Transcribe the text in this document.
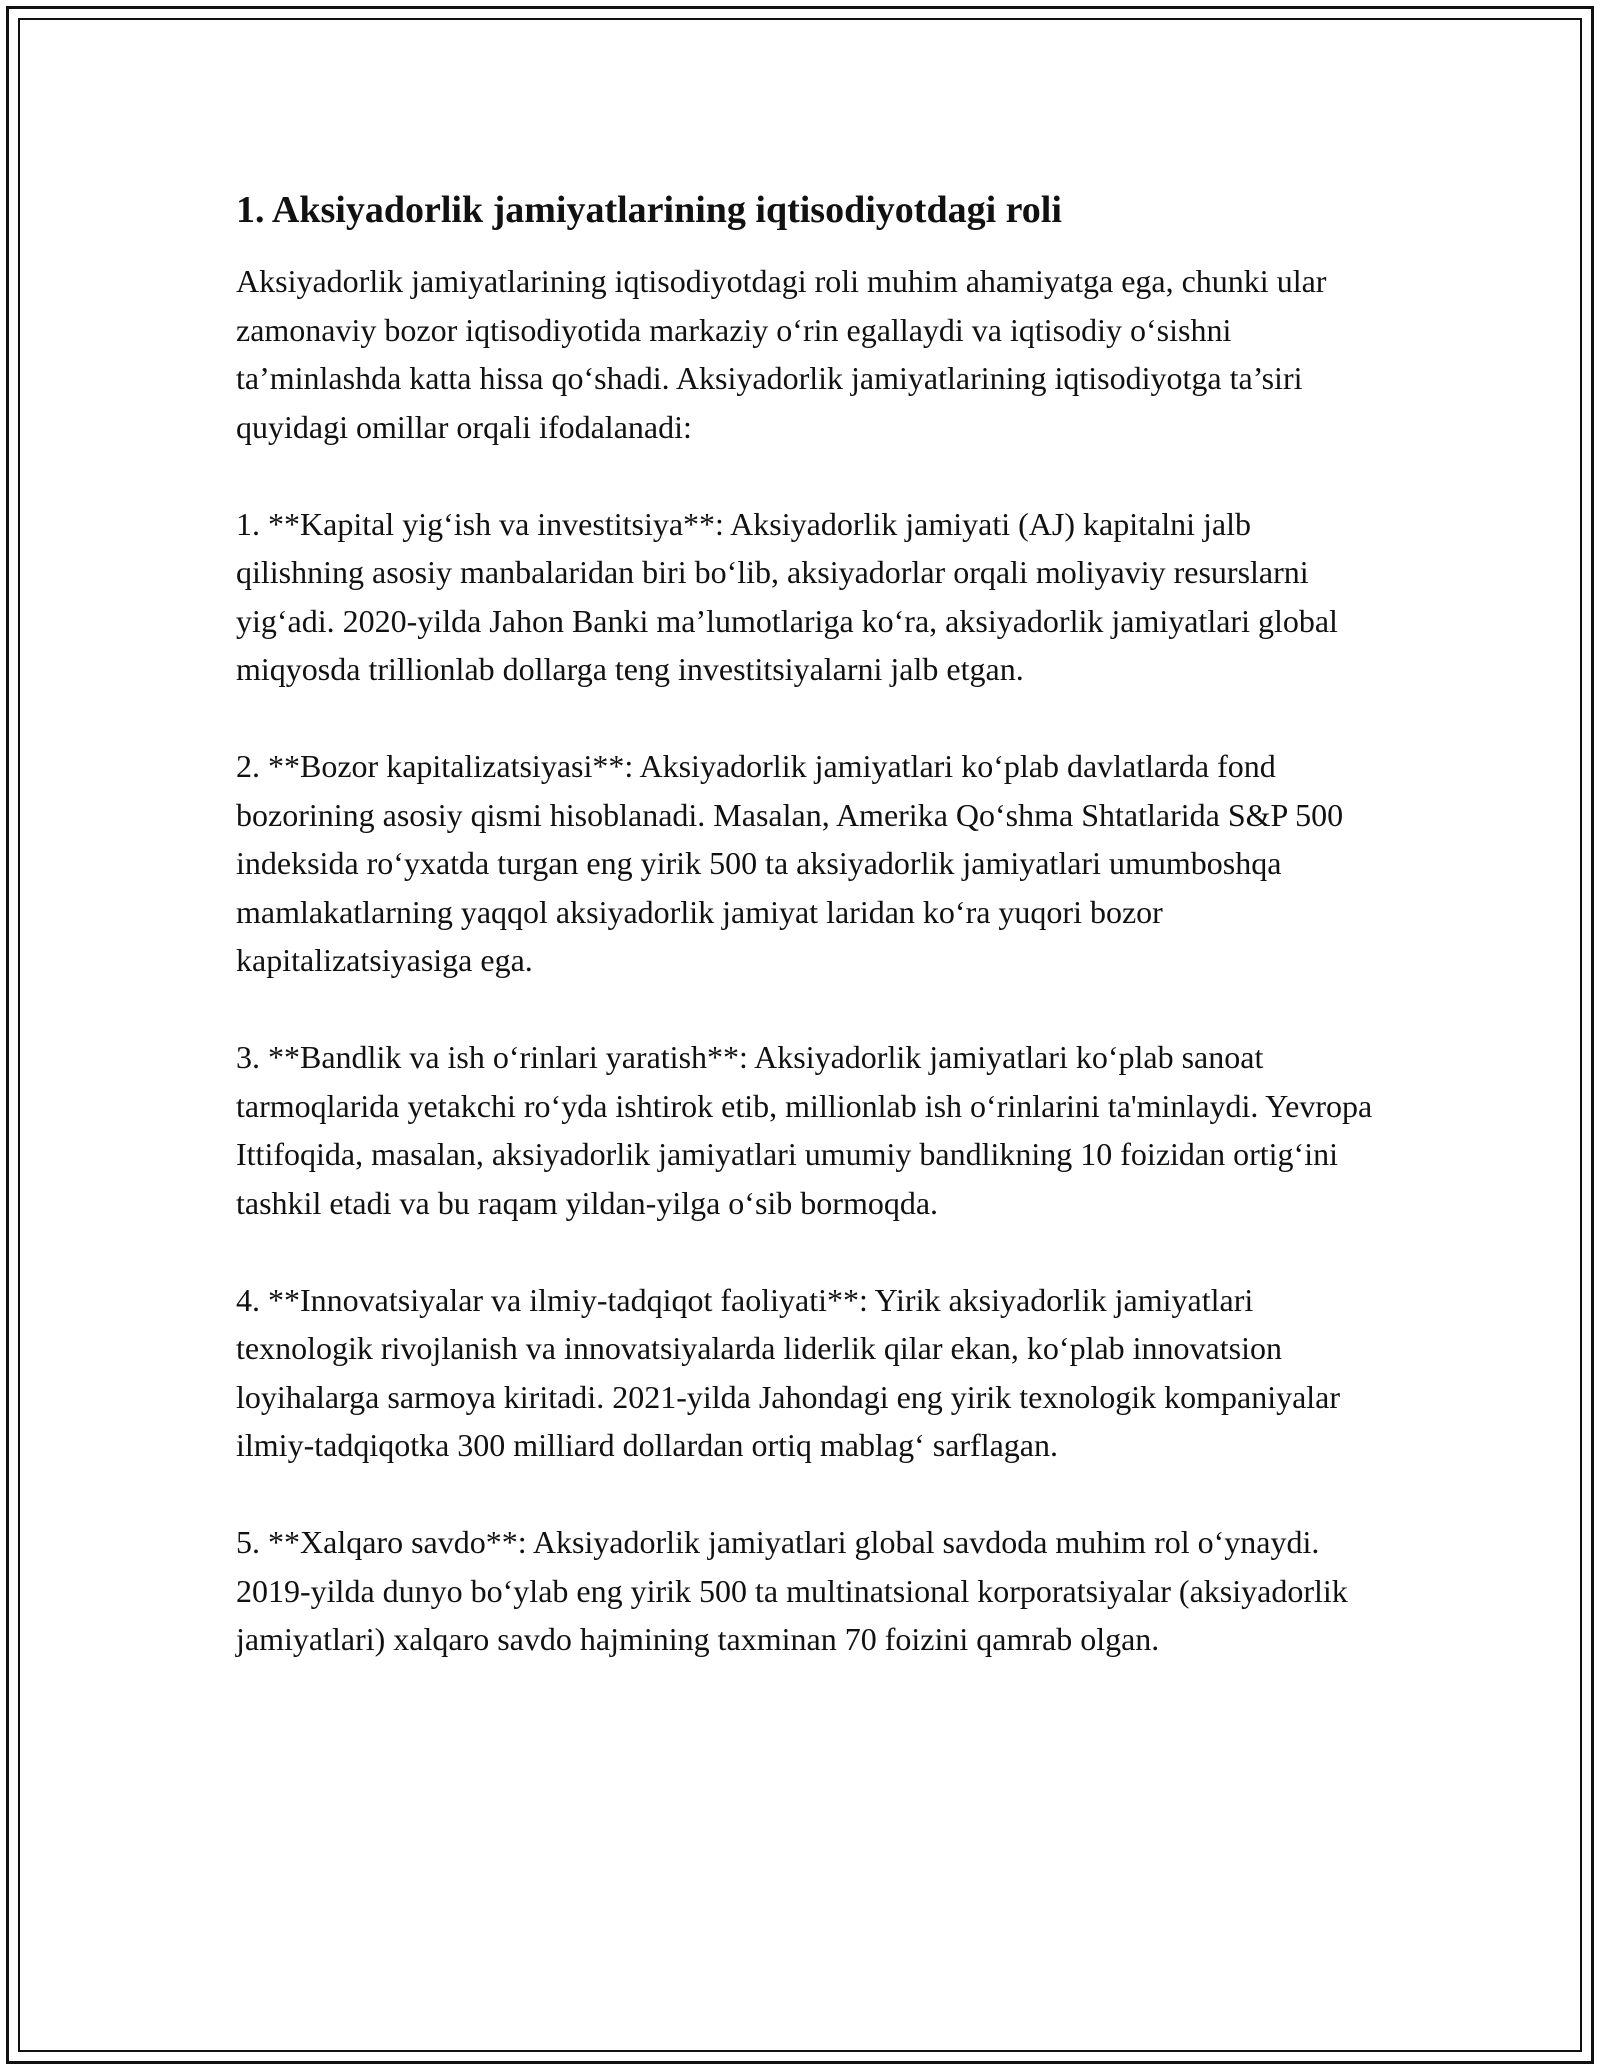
1. Aksiyadorlik jamiyatlarining iqtisodiyotdagi roli

Aksiyadorlik jamiyatlarining iqtisodiyotdagi roli muhim ahamiyatga ega, chunki ular zamonaviy bozor iqtisodiyotida markaziy o‘rin egallaydi va iqtisodiy o‘sishni ta’minlashda katta hissa qo‘shadi. Aksiyadorlik jamiyatlarining iqtisodiyotga ta’siri quyidagi omillar orqali ifodalanadi:

1. **Kapital yig‘ish va investitsiya**: Aksiyadorlik jamiyati (AJ) kapitalni jalb qilishning asosiy manbalaridan biri bo‘lib, aksiyadorlar orqali moliyaviy resurslarni yig‘adi. 2020-yilda Jahon Banki ma’lumotlariga ko‘ra, aksiyadorlik jamiyatlari global miqyosda trillionlab dollarga teng investitsiyalarni jalb etgan.

2. **Bozor kapitalizatsiyasi**: Aksiyadorlik jamiyatlari ko‘plab davlatlarda fond bozorining asosiy qismi hisoblanadi. Masalan, Amerika Qo‘shma Shtatlarida S&P 500 indeksida ro‘yxatda turgan eng yirik 500 ta aksiyadorlik jamiyatlari umumboshqa mamlakatlarning yaqqol aksiyadorlik jamiyat laridan ko‘ra yuqori bozor kapitalizatsiyasiga ega.

3. **Bandlik va ish o‘rinlari yaratish**: Aksiyadorlik jamiyatlari ko‘plab sanoat tarmoqlarida yetakchi ro‘yda ishtirok etib, millionlab ish o‘rinlarini ta'minlaydi. Yevropa Ittifoqida, masalan, aksiyadorlik jamiyatlari umumiy bandlikning 10 foizidan ortig‘ini tashkil etadi va bu raqam yildan-yilga o‘sib bormoqda.

4. **Innovatsiyalar va ilmiy-tadqiqot faoliyati**: Yirik aksiyadorlik jamiyatlari texnologik rivojlanish va innovatsiyalarda liderlik qilar ekan, ko‘plab innovatsion loyihalarga sarmoya kiritadi. 2021-yilda Jahondagi eng yirik texnologik kompaniyalar ilmiy-tadqiqotka 300 milliard dollardan ortiq mablag‘ sarflagan.

5. **Xalqaro savdo**: Aksiyadorlik jamiyatlari global savdoda muhim rol o‘ynaydi. 2019-yilda dunyo bo‘ylab eng yirik 500 ta multinatsional korporatsiyalar (aksiyadorlik jamiyatlari) xalqaro savdo hajmining taxminan 70 foizini qamrab olgan.
